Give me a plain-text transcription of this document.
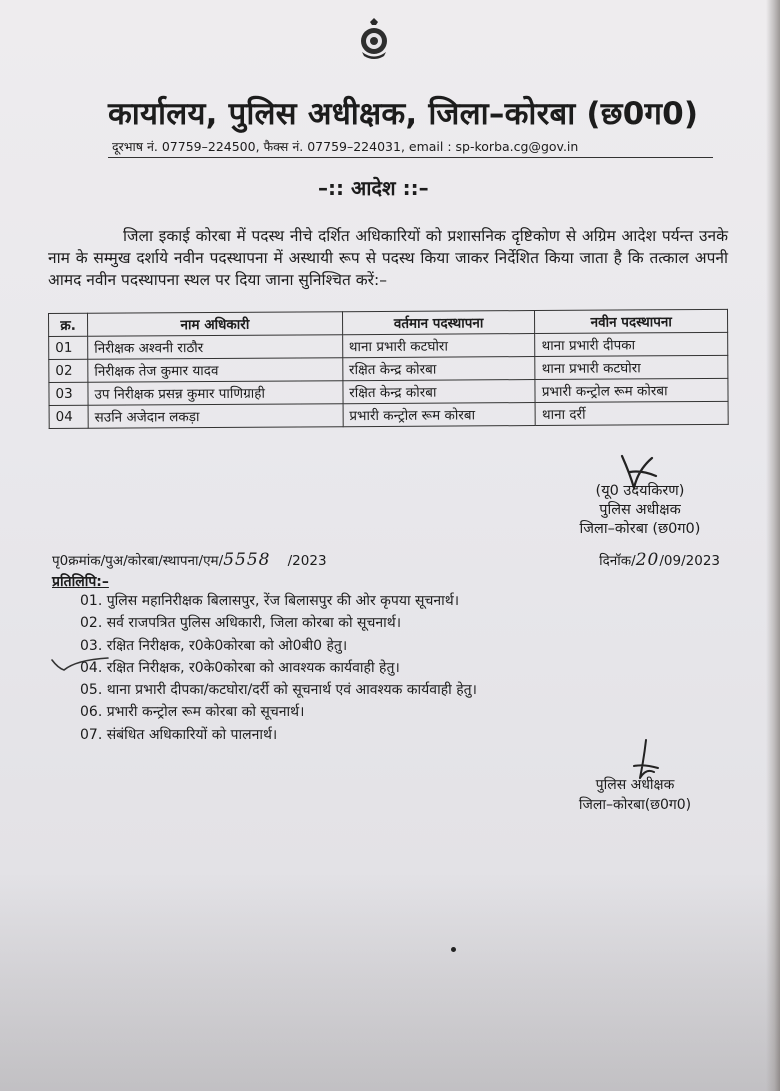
कार्यालय, पुलिस अधीक्षक, जिला–कोरबा (छ0ग0)
दूरभाष नं. 07759–224500, फैक्स नं. 07759–224031, email : sp-korba.cg@gov.in
–:: आदेश ::–
जिला इकाई कोरबा में पदस्थ नीचे दर्शित अधिकारियों को प्रशासनिक दृष्टिकोण से अग्रिम आदेश पर्यन्त उनके नाम के सम्मुख दर्शाये नवीन पदस्थापना में अस्थायी रूप से पदस्थ किया जाकर निर्देशित किया जाता है कि तत्काल अपनी आमद नवीन पदस्थापना स्थल पर दिया जाना सुनिश्चित करें:–
क्र.	नाम अधिकारी	वर्तमान पदस्थापना	नवीन पदस्थापना
01	निरीक्षक अश्वनी राठौर	थाना प्रभारी कटघोरा	थाना प्रभारी दीपका
02	निरीक्षक तेज कुमार यादव	रक्षित केन्द्र कोरबा	थाना प्रभारी कटघोरा
03	उप निरीक्षक प्रसन्न कुमार पाणिग्राही	रक्षित केन्द्र कोरबा	प्रभारी कन्ट्रोल रूम कोरबा
04	सउनि अजेदान लकड़ा	प्रभारी कन्ट्रोल रूम कोरबा	थाना दर्री
(यू0 उदयकिरण)
पुलिस अधीक्षक
जिला–कोरबा (छ0ग0)
पृ0क्रमांक/पुअ/कोरबा/स्थापना/एम/5558 /2023	दिनॉक/20/09/2023
प्रतिलिपि:–
01. पुलिस महानिरीक्षक बिलासपुर, रेंज बिलासपुर की ओर कृपया सूचनार्थ।
02. सर्व राजपत्रित पुलिस अधिकारी, जिला कोरबा को सूचनार्थ।
03. रक्षित निरीक्षक, र0के0कोरबा को ओ0बी0 हेतु।
04. रक्षित निरीक्षक, र0के0कोरबा को आवश्यक कार्यवाही हेतु।
05. थाना प्रभारी दीपका/कटघोरा/दर्री को सूचनार्थ एवं आवश्यक कार्यवाही हेतु।
06. प्रभारी कन्ट्रोल रूम कोरबा को सूचनार्थ।
07. संबंधित अधिकारियों को पालनार्थ।
पुलिस अधीक्षक
जिला–कोरबा(छ0ग0)
